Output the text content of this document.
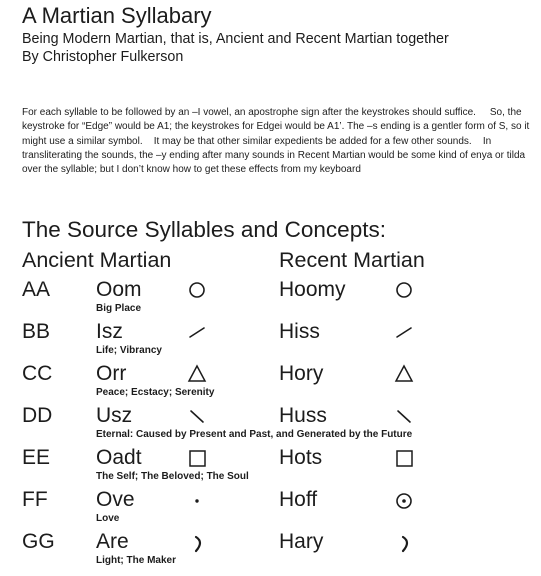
A Martian Syllabary
Being Modern Martian, that is, Ancient and Recent Martian together
By Christopher Fulkerson
For each syllable to be followed by an –I vowel, an apostrophe sign after the keystrokes should suffice. So, the keystroke for “Edge” would be A1; the keystrokes for Edgei would be A1’. The –s ending is a gentler form of S, so it might use a similar symbol. It may be that other similar expedients be added for a few other sounds. In transliterating the sounds, the –y ending after many sounds in Recent Martian would be some kind of enya or tilda over the syllable; but I don’t know how to get these effects from my keyboard
The Source Syllables and Concepts:
Ancient Martian	Recent Martian
AA Oom	Hoomy
Big Place
BB Isz	Hiss
Life; Vibrancy
CC Orr	Hory
Peace; Ecstacy; Serenity
DD Usz	Huss
Eternal: Caused by Present and Past, and Generated by the Future
EE Oadt	Hots
The Self; The Beloved; The Soul
FF Ove	Hoff
Love
GG Are	Hary
Light; The Maker
